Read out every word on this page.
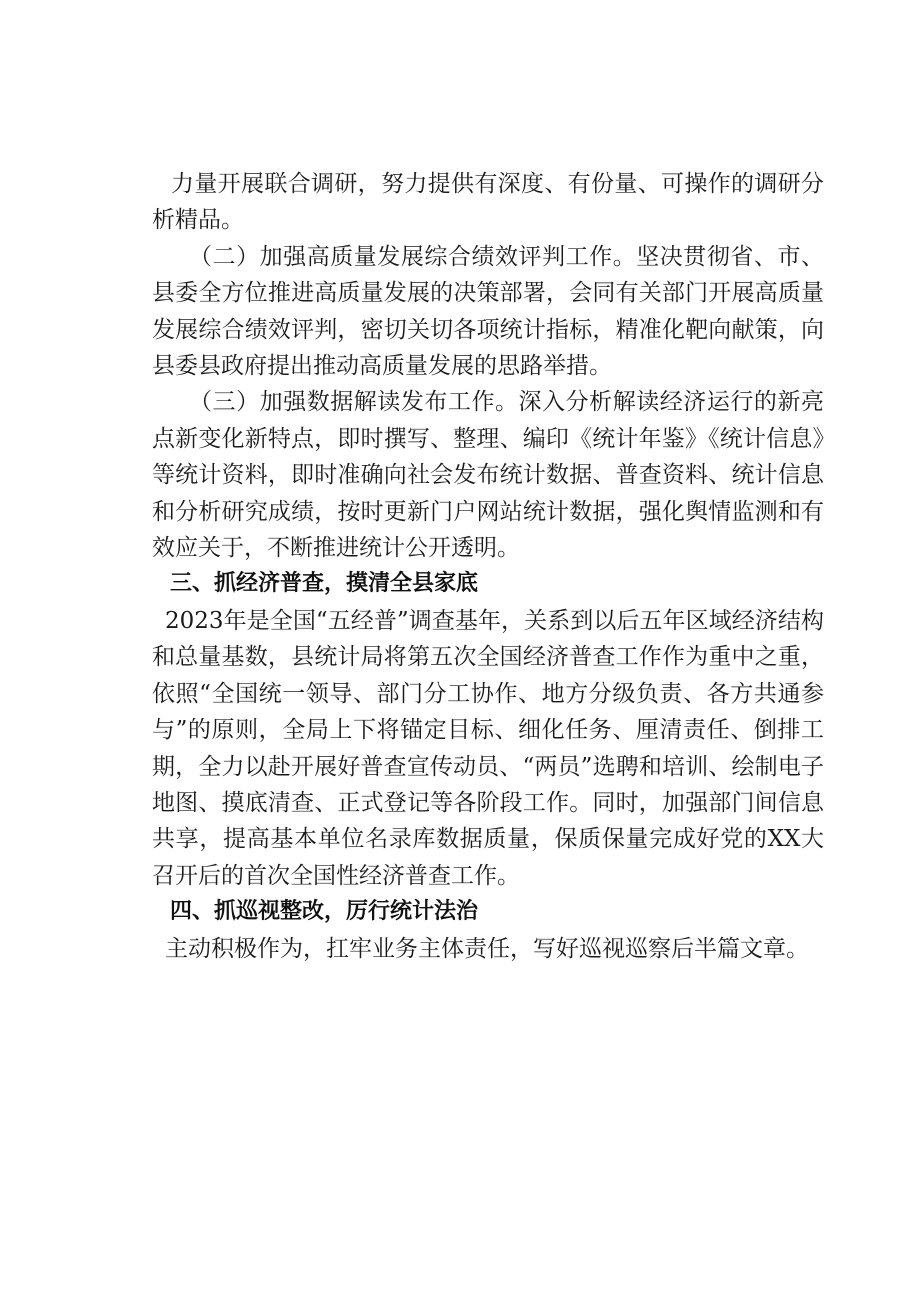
力量开展联合调研，努力提供有深度、有份量、可操作的调研分析精品。

（二）加强高质量发展综合绩效评判工作。坚决贯彻省、市、县委全方位推进高质量发展的决策部署，会同有关部门开展高质量发展综合绩效评判，密切关切各项统计指标，精准化靶向献策，向县委县政府提出推动高质量发展的思路举措。

（三）加强数据解读发布工作。深入分析解读经济运行的新亮点新变化新特点，即时撰写、整理、编印《统计年鉴》《统计信息》等统计资料，即时准确向社会发布统计数据、普查资料、统计信息和分析研究成绩，按时更新门户网站统计数据，强化舆情监测和有效应关于，不断推进统计公开透明。

三、抓经济普查，摸清全县家底

2023年是全国“五经普”调查基年，关系到以后五年区域经济结构和总量基数，县统计局将第五次全国经济普查工作作为重中之重，依照“全国统一领导、部门分工协作、地方分级负责、各方共通参与”的原则，全局上下将锚定目标、细化任务、厘清责任、倒排工期，全力以赴开展好普查宣传动员、“两员”选聘和培训、绘制电子地图、摸底清查、正式登记等各阶段工作。同时，加强部门间信息共享，提高基本单位名录库数据质量，保质保量完成好党的XX大召开后的首次全国性经济普查工作。

四、抓巡视整改，厉行统计法治

主动积极作为，扛牢业务主体责任，写好巡视巡察后半篇文章。
